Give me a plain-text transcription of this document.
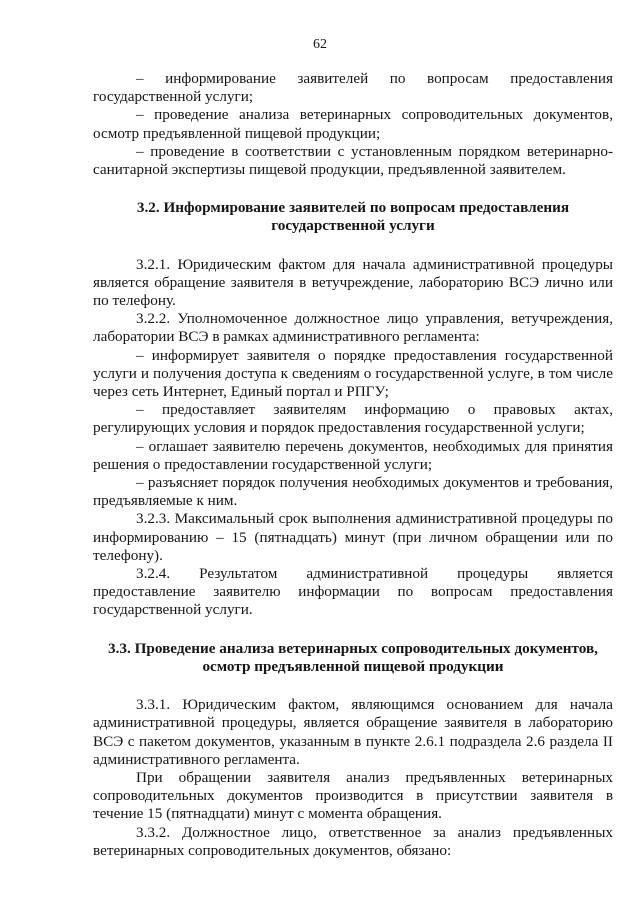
62

– информирование заявителей по вопросам предоставления государственной услуги;

– проведение анализа ветеринарных сопроводительных документов, осмотр предъявленной пищевой продукции;

– проведение в соответствии с установленным порядком ветеринарно-санитарной экспертизы пищевой продукции, предъявленной заявителем.

3.2. Информирование заявителей по вопросам предоставления
государственной услуги

3.2.1. Юридическим фактом для начала административной процедуры является обращение заявителя в ветучреждение, лабораторию ВСЭ лично или по телефону.

3.2.2. Уполномоченное должностное лицо управления, ветучреждения, лаборатории ВСЭ в рамках административного регламента:

– информирует заявителя о порядке предоставления государственной услуги и получения доступа к сведениям о государственной услуге, в том числе через сеть Интернет, Единый портал и РПГУ;

– предоставляет заявителям информацию о правовых актах, регулирующих условия и порядок предоставления государственной услуги;

– оглашает заявителю перечень документов, необходимых для принятия решения о предоставлении государственной услуги;

– разъясняет порядок получения необходимых документов и требования, предъявляемые к ним.

3.2.3. Максимальный срок выполнения административной процедуры по информированию – 15 (пятнадцать) минут (при личном обращении или по телефону).

3.2.4. Результатом административной процедуры является предоставление заявителю информации по вопросам предоставления государственной услуги.

3.3. Проведение анализа ветеринарных сопроводительных документов,
осмотр предъявленной пищевой продукции

3.3.1. Юридическим фактом, являющимся основанием для начала административной процедуры, является обращение заявителя в лабораторию ВСЭ с пакетом документов, указанным в пункте 2.6.1 подраздела 2.6 раздела II административного регламента.

При обращении заявителя анализ предъявленных ветеринарных сопроводительных документов производится в присутствии заявителя в течение 15 (пятнадцати) минут с момента обращения.

3.3.2. Должностное лицо, ответственное за анализ предъявленных ветеринарных сопроводительных документов, обязано:
